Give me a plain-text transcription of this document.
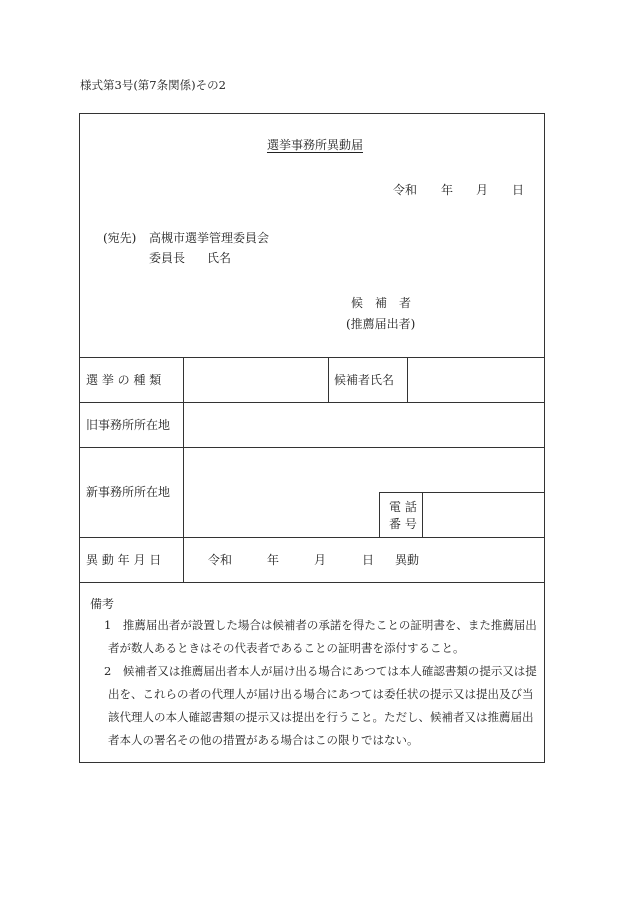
様式第3号(第7条関係)その2
選挙事務所異動届
令和 年 月 日
(宛先) 高槻市選挙管理委員会
委員長 氏名
候　補　者
(推薦届出者)
選 挙 の 種 類	候補者氏名
旧事務所所在地
新事務所所在地
電 話
番 号
異 動 年 月 日	令和	年	月	日 異動
備考
1　推薦届出者が設置した場合は候補者の承諾を得たことの証明書を、また推薦届出
者が数人あるときはその代表者であることの証明書を添付すること。
2　候補者又は推薦届出者本人が届け出る場合にあつては本人確認書類の提示又は提
出を、これらの者の代理人が届け出る場合にあつては委任状の提示又は提出及び当
該代理人の本人確認書類の提示又は提出を行うこと。ただし、候補者又は推薦届出
者本人の署名その他の措置がある場合はこの限りではない。
